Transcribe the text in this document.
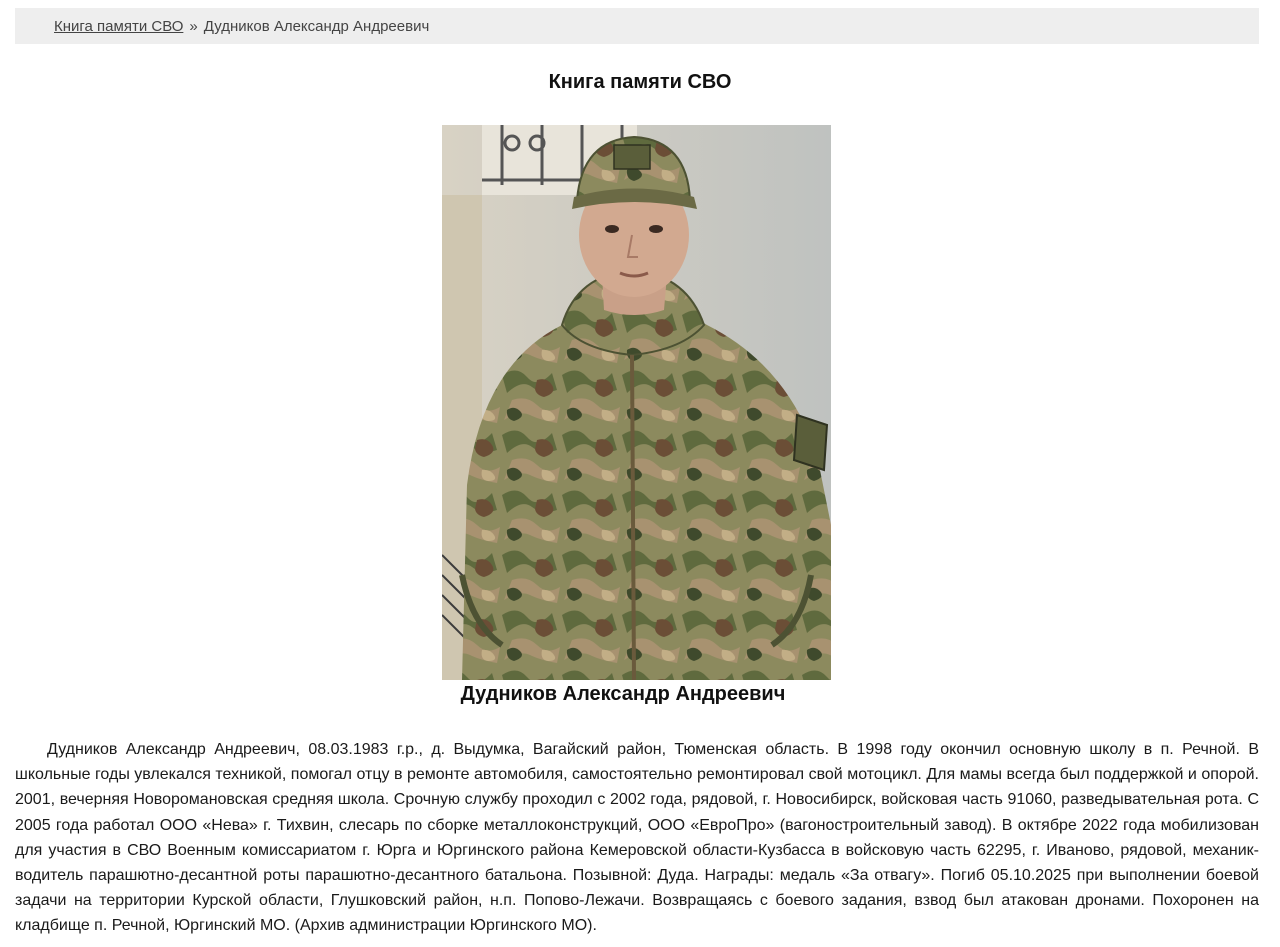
Книга памяти СВО » Дудников Александр Андреевич
Книга памяти СВО
Дудников Александр Андреевич

Дудников Александр Андреевич, 08.03.1983 г.р., д. Выдумка, Вагайский район, Тюменская область. В 1998 году окончил основную школу в п. Речной. В школьные годы увлекался техникой, помогал отцу в ремонте автомобиля, самостоятельно ремонтировал свой мотоцикл. Для мамы всегда был поддержкой и опорой. 2001, вечерняя Новоромановская средняя школа. Срочную службу проходил с 2002 года, рядовой, г. Новосибирск, войсковая часть 91060, разведывательная рота. С 2005 года работал ООО «Нева» г. Тихвин, слесарь по сборке металлоконструкций, ООО «ЕвроПро» (вагоностроительный завод). В октябре 2022 года мобилизован для участия в СВО Военным комиссариатом г. Юрга и Юргинского района Кемеровской области-Кузбасса в войсковую часть 62295, г. Иваново, рядовой, механик-водитель парашютно-десантной роты парашютно-десантного батальона. Позывной: Дуда. Награды: медаль «За отвагу». Погиб 05.10.2025 при выполнении боевой задачи на территории Курской области, Глушковский район, н.п. Попово-Лежачи. Возвращаясь с боевого задания, взвод был атакован дронами. Похоронен на кладбище п. Речной, Юргинский МО. (Архив администрации Юргинского МО).
